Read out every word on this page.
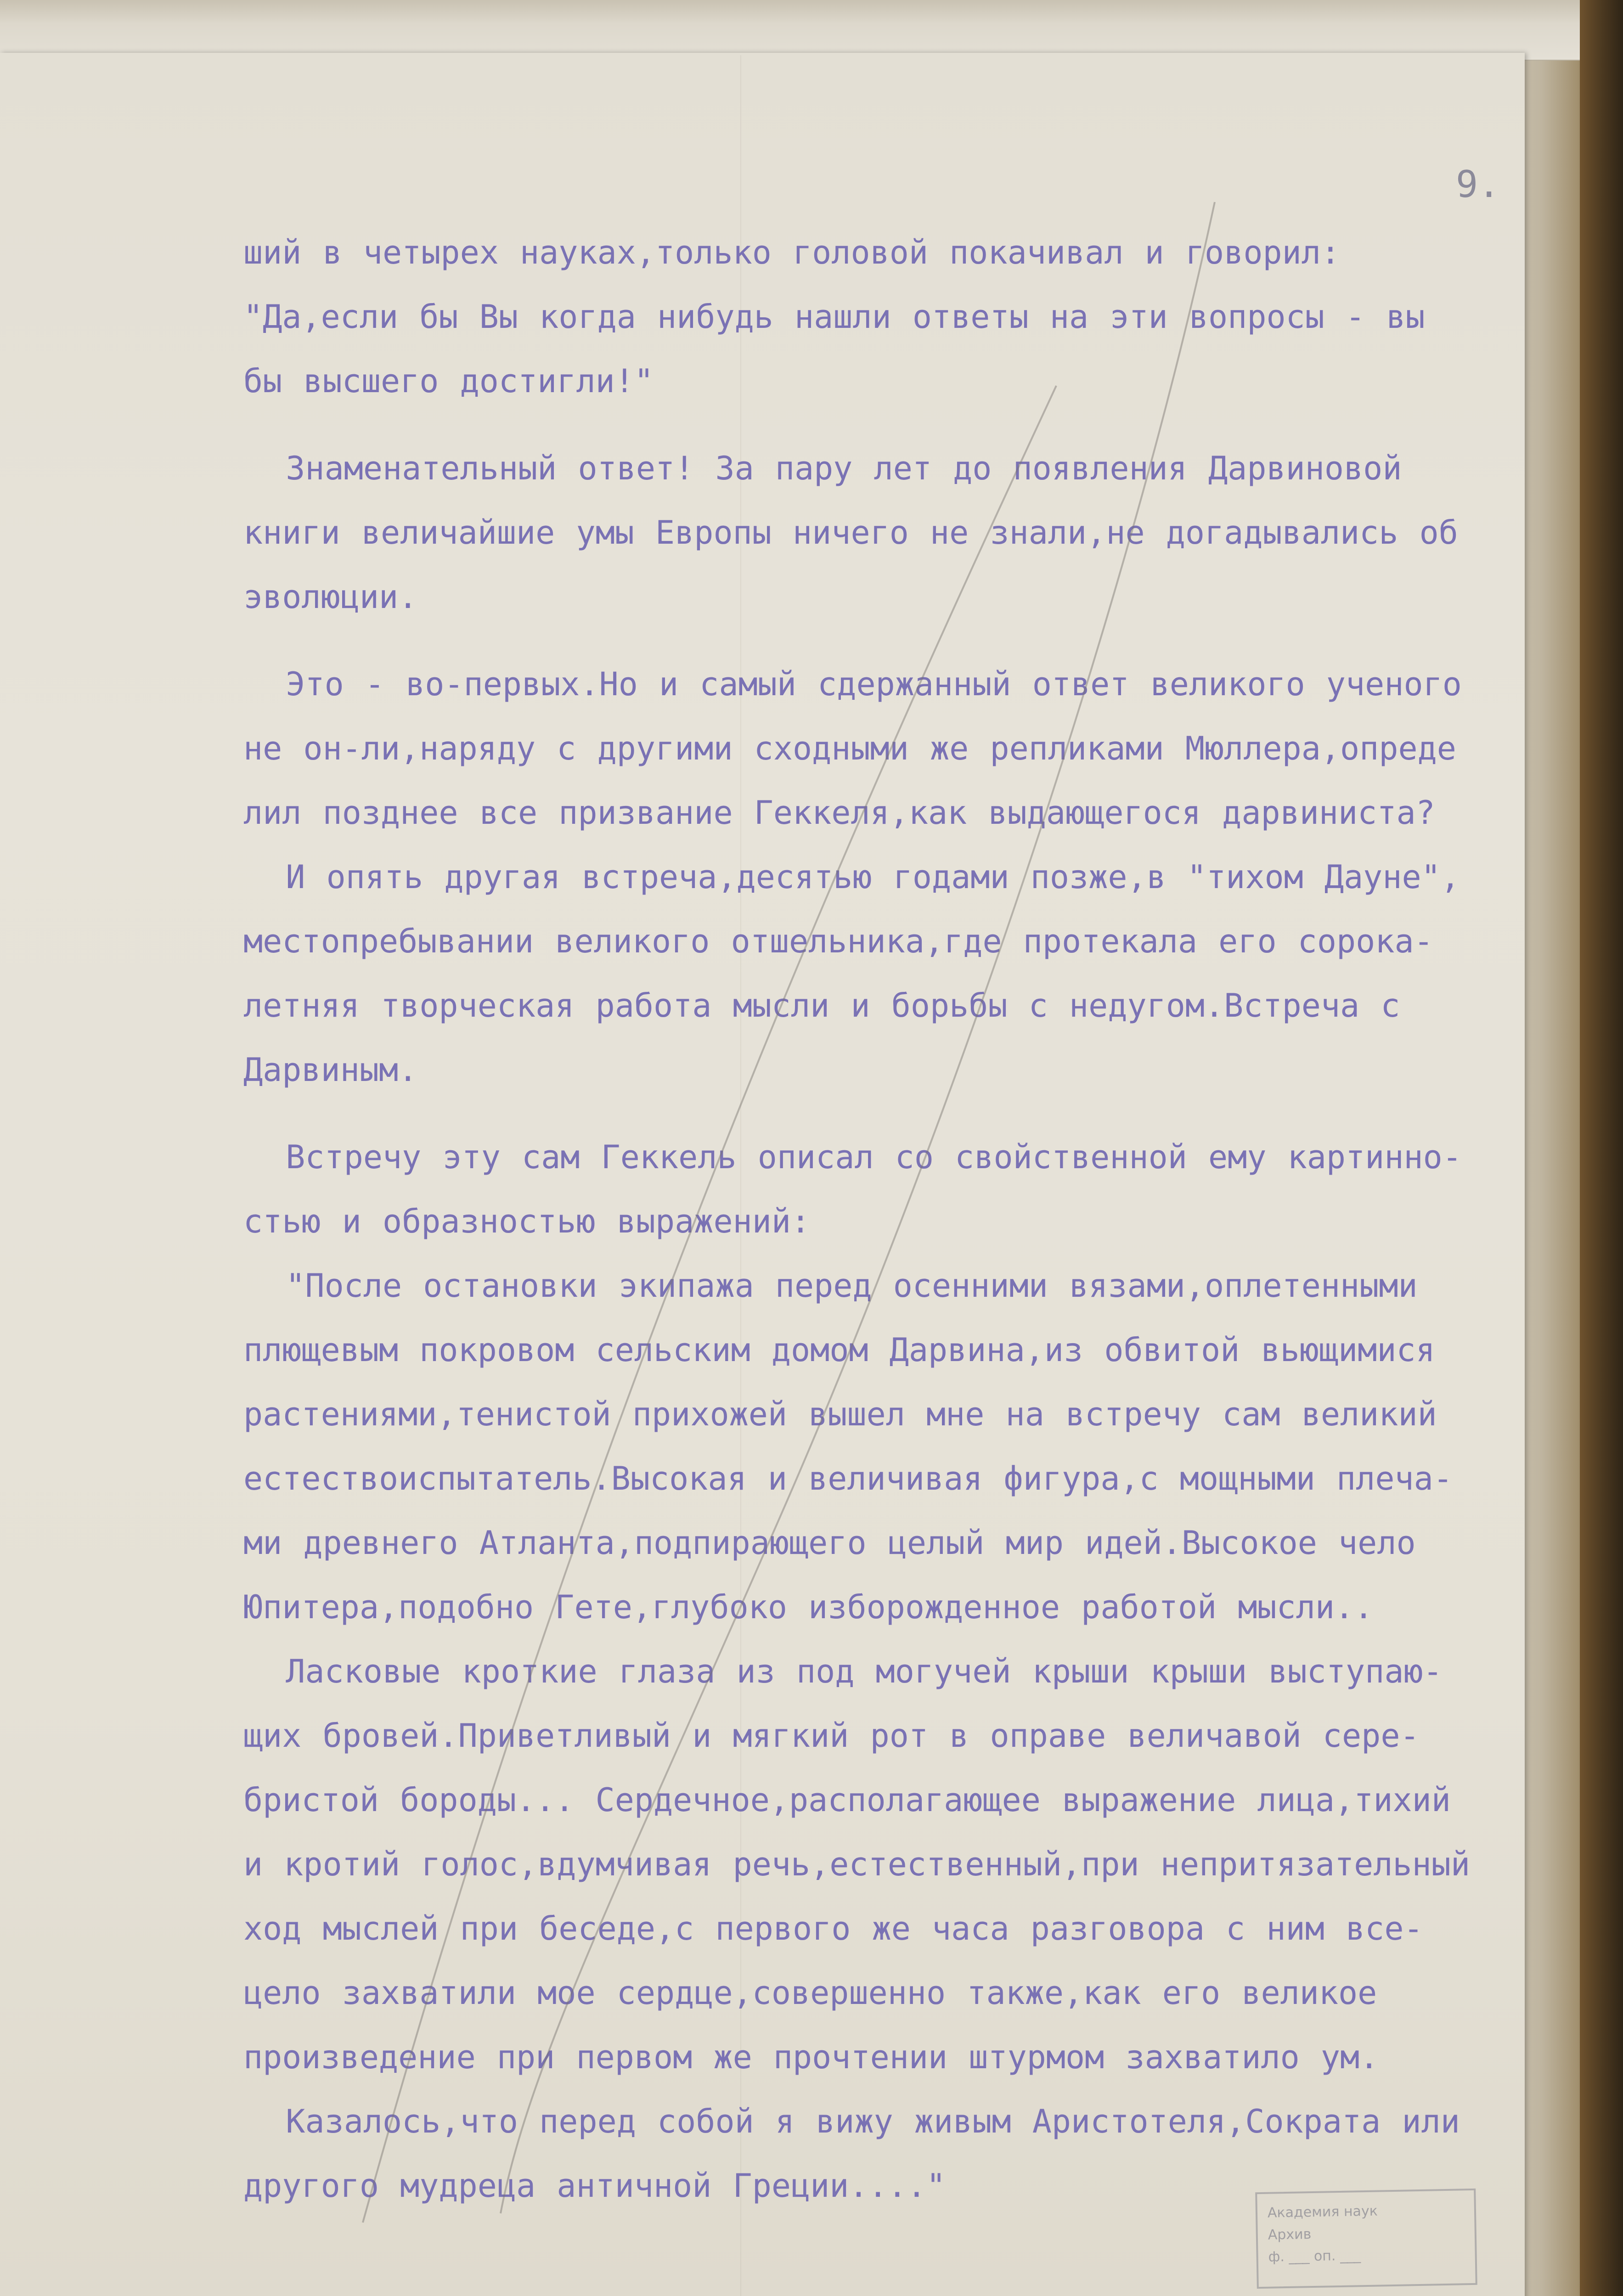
9.
ший в четырех науках,только головой покачивал и говорил:
"Да,если бы Вы когда нибудь нашли ответы на эти вопросы - вы
бы высшего достигли!"
Знаменательный ответ! За пару лет до появления Дарвиновой
книги величайшие умы Европы ничего не знали,не догадывались об
эволюции.
Это - во-первых.Но и самый сдержанный ответ великого ученого
не он-ли,наряду с другими сходными же репликами Мюллера,опреде
лил позднее все призвание Геккеля,как выдающегося дарвиниста?
И опять другая встреча,десятью годами позже,в "тихом Дауне",
местопребывании великого отшельника,где протекала его сорока-
летняя творческая работа мысли и борьбы с недугом.Встреча с
Дарвиным.
Встречу эту сам Геккель описал со свойственной ему картинно-
стью и образностью выражений:
"После остановки экипажа перед осенними вязами,оплетенными
плющевым покровом сельским домом Дарвина,из обвитой вьющимися
растениями,тенистой прихожей вышел мне на встречу сам великий
естествоиспытатель.Высокая и величивая фигура,с мощными плеча-
ми древнего Атланта,подпирающего целый мир идей.Высокое чело
Юпитера,подобно Гете,глубоко изборожденное работой мысли..
Ласковые кроткие глаза из под могучей крыши крыши выступаю-
щих бровей.Приветливый и мягкий рот в оправе величавой сере-
бристой бороды... Сердечное,располагающее выражение лица,тихий
и кротий голос,вдумчивая речь,естественный,при непритязательный
ход мыслей при беседе,с первого же часа разговора с ним все-
цело захватили мое сердце,совершенно также,как его великое
произведение при первом же прочтении штурмом захватило ум.
Казалось,что перед собой я вижу живым Аристотеля,Сократа или
другого мудреца античной Греции...."
Академия наук
Архив
ф. ___ оп. ___
